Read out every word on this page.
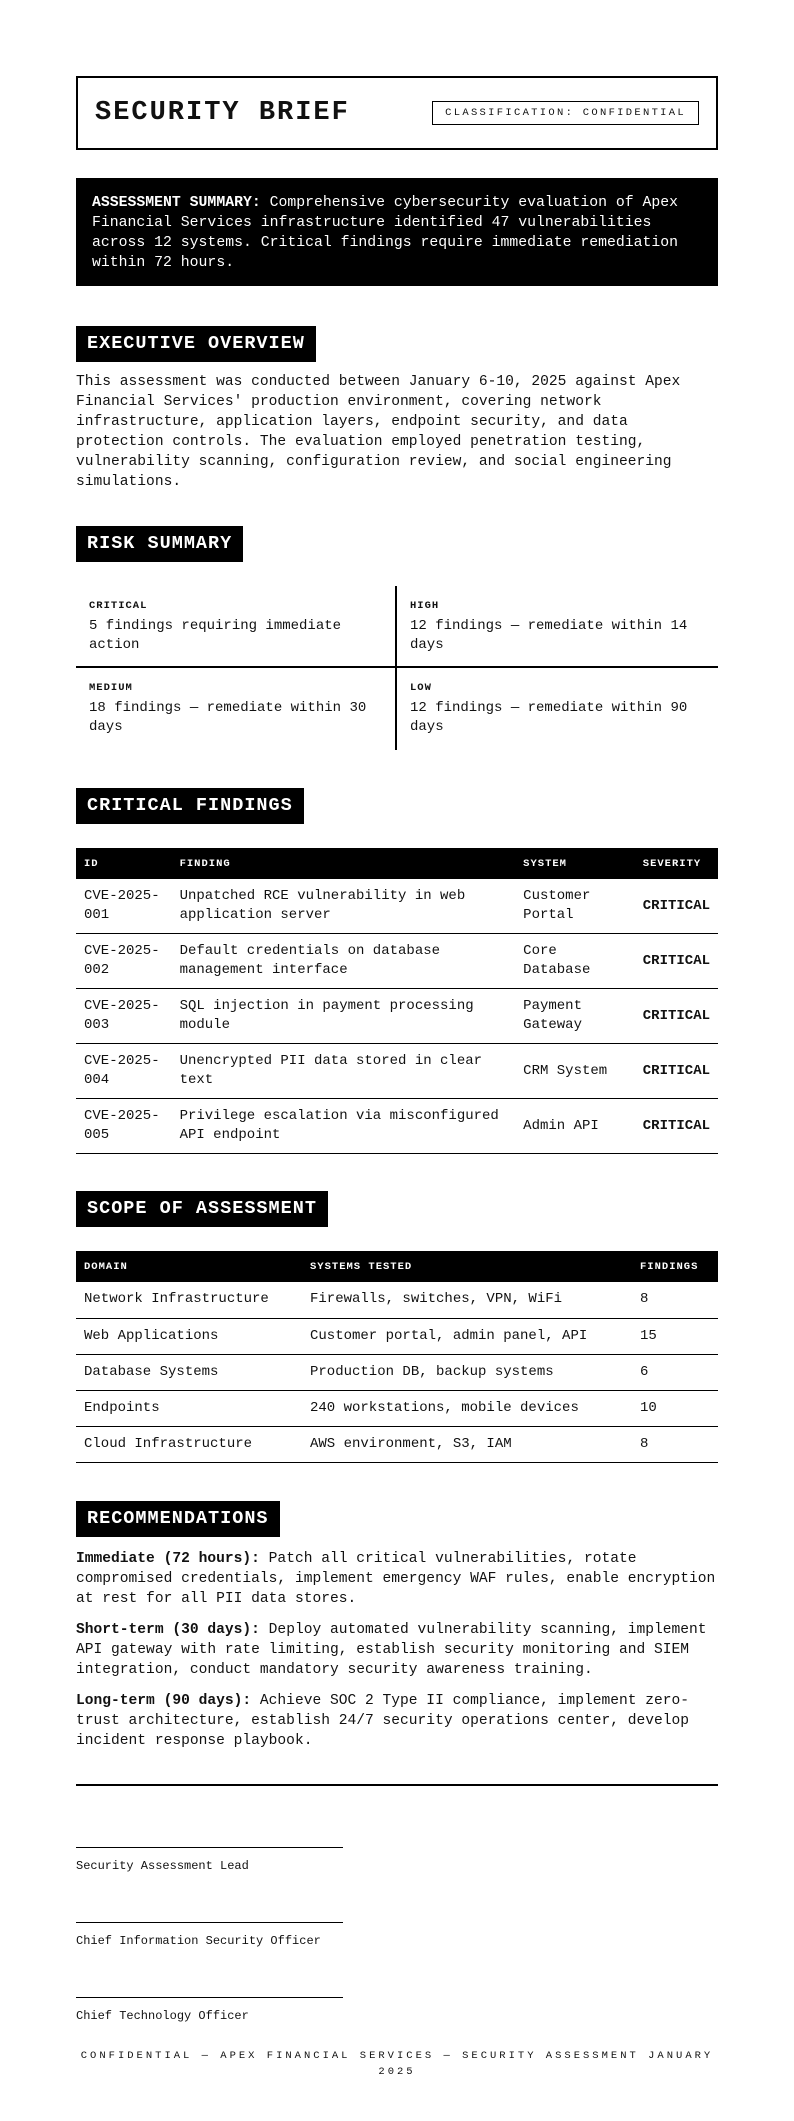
SECURITY BRIEF	CLASSIFICATION: CONFIDENTIAL
ASSESSMENT SUMMARY: Comprehensive cybersecurity evaluation of Apex Financial Services infrastructure identified 47 vulnerabilities across 12 systems. Critical findings require immediate remediation within 72 hours.
EXECUTIVE OVERVIEW

This assessment was conducted between January 6-10, 2025 against Apex Financial Services' production environment, covering network infrastructure, application layers, endpoint security, and data protection controls. The evaluation employed penetration testing, vulnerability scanning, configuration review, and social engineering simulations.

RISK SUMMARY
CRITICAL
5 findings requiring immediate action
HIGH
12 findings — remediate within 14 days
MEDIUM
18 findings — remediate within 30 days
LOW
12 findings — remediate within 90 days
CRITICAL FINDINGS
ID	FINDING	SYSTEM	SEVERITY
CVE-2025-001	Unpatched RCE vulnerability in web application server	Customer Portal	CRITICAL
CVE-2025-002	Default credentials on database management interface	Core Database	CRITICAL
CVE-2025-003	SQL injection in payment processing module	Payment Gateway	CRITICAL
CVE-2025-004	Unencrypted PII data stored in clear text	CRM System	CRITICAL
CVE-2025-005	Privilege escalation via misconfigured API endpoint	Admin API	CRITICAL
SCOPE OF ASSESSMENT
DOMAIN	SYSTEMS TESTED	FINDINGS
Network Infrastructure	Firewalls, switches, VPN, WiFi	8
Web Applications	Customer portal, admin panel, API	15
Database Systems	Production DB, backup systems	6
Endpoints	240 workstations, mobile devices	10
Cloud Infrastructure	AWS environment, S3, IAM	8
RECOMMENDATIONS

Immediate (72 hours): Patch all critical vulnerabilities, rotate compromised credentials, implement emergency WAF rules, enable encryption at rest for all PII data stores.

Short-term (30 days): Deploy automated vulnerability scanning, implement API gateway with rate limiting, establish security monitoring and SIEM integration, conduct mandatory security awareness training.

Long-term (90 days): Achieve SOC 2 Type II compliance, implement zero-trust architecture, establish 24/7 security operations center, develop incident response playbook.

Security Assessment Lead
Chief Information Security Officer
Chief Technology Officer
CONFIDENTIAL — APEX FINANCIAL SERVICES — SECURITY ASSESSMENT JANUARY 2025
